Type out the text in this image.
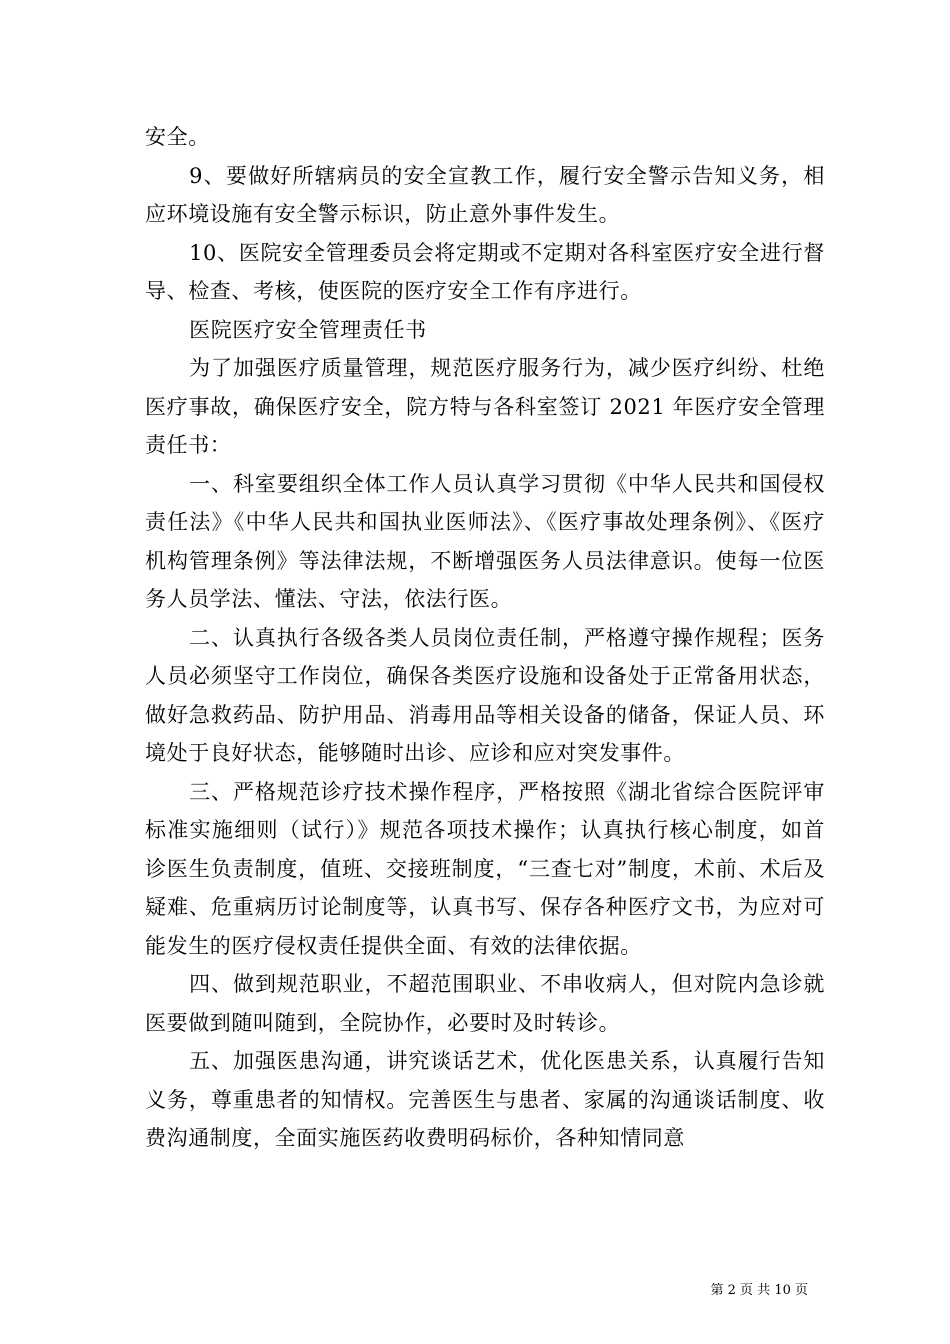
安全。

9、要做好所辖病员的安全宣教工作，履行安全警示告知义务，相应环境设施有安全警示标识，防止意外事件发生。

10、医院安全管理委员会将定期或不定期对各科室医疗安全进行督导、检查、考核，使医院的医疗安全工作有序进行。

医院医疗安全管理责任书

为了加强医疗质量管理，规范医疗服务行为，减少医疗纠纷、杜绝医疗事故，确保医疗安全，院方特与各科室签订 2021 年医疗安全管理责任书：

一、科室要组织全体工作人员认真学习贯彻《中华人民共和国侵权责任法》《中华人民共和国执业医师法》、《医疗事故处理条例》、《医疗机构管理条例》等法律法规，不断增强医务人员法律意识。使每一位医务人员学法、懂法、守法，依法行医。

二、认真执行各级各类人员岗位责任制，严格遵守操作规程；医务人员必须坚守工作岗位，确保各类医疗设施和设备处于正常备用状态，做好急救药品、防护用品、消毒用品等相关设备的储备，保证人员、环境处于良好状态，能够随时出诊、应诊和应对突发事件。

三、严格规范诊疗技术操作程序，严格按照《湖北省综合医院评审标准实施细则（试行）》规范各项技术操作；认真执行核心制度，如首诊医生负责制度，值班、交接班制度，“三查七对”制度，术前、术后及疑难、危重病历讨论制度等，认真书写、保存各种医疗文书，为应对可能发生的医疗侵权责任提供全面、有效的法律依据。

四、做到规范职业，不超范围职业、不串收病人，但对院内急诊就医要做到随叫随到，全院协作，必要时及时转诊。

五、加强医患沟通，讲究谈话艺术，优化医患关系，认真履行告知义务，尊重患者的知情权。完善医生与患者、家属的沟通谈话制度、收费沟通制度，全面实施医药收费明码标价，各种知情同意

第 2 页 共 10 页
